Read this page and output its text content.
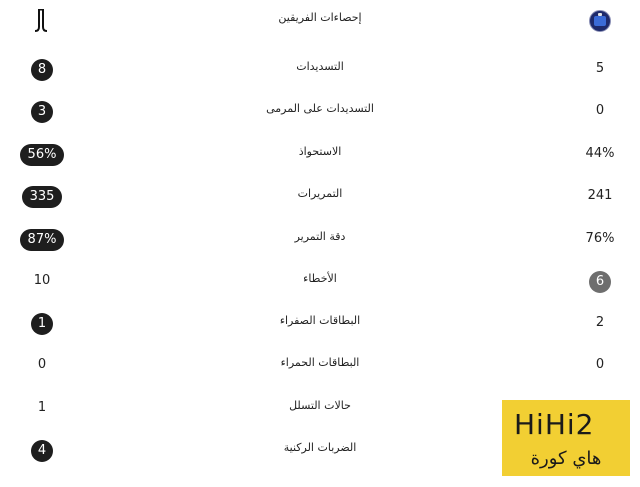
إحصاءات الفريقين
8	التسديدات	5
3	التسديدات على المرمى	0
56%	الاستحواذ	44%
335	التمريرات	241
87%	دقة التمرير	76%
10	الأخطاء	6
1	البطاقات الصفراء	2
0	البطاقات الحمراء	0
1	حالات التسلل
4	الضربات الركنية
HiHi2
هاي كورة
